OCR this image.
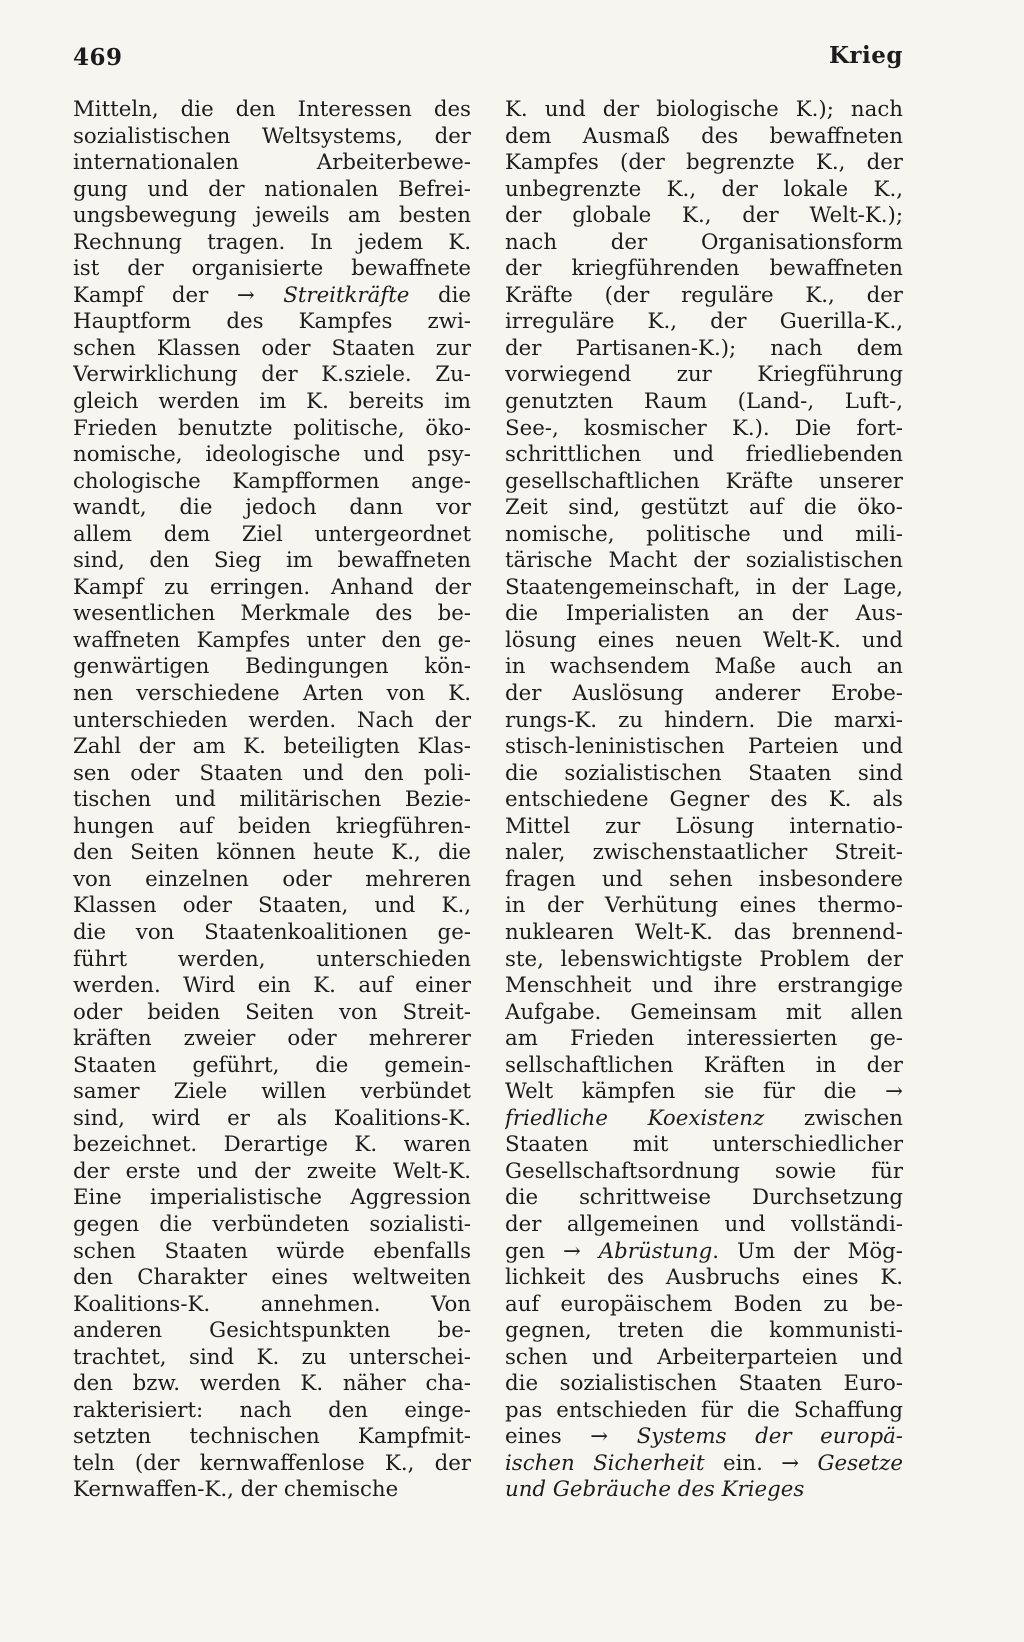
469	Krieg
Mitteln, die den Interessen des
sozialistischen Weltsystems, der
internationalen Arbeiterbewe-
gung und der nationalen Befrei-
ungsbewegung jeweils am besten
Rechnung tragen. In jedem K.
ist der organisierte bewaffnete
Kampf der → Streitkräfte die
Hauptform des Kampfes zwi-
schen Klassen oder Staaten zur
Verwirklichung der K.sziele. Zu-
gleich werden im K. bereits im
Frieden benutzte politische, öko-
nomische, ideologische und psy-
chologische Kampfformen ange-
wandt, die jedoch dann vor
allem dem Ziel untergeordnet
sind, den Sieg im bewaffneten
Kampf zu erringen. Anhand der
wesentlichen Merkmale des be-
waffneten Kampfes unter den ge-
genwärtigen Bedingungen kön-
nen verschiedene Arten von K.
unterschieden werden. Nach der
Zahl der am K. beteiligten Klas-
sen oder Staaten und den poli-
tischen und militärischen Bezie-
hungen auf beiden kriegführen-
den Seiten können heute K., die
von einzelnen oder mehreren
Klassen oder Staaten, und K.,
die von Staatenkoalitionen ge-
führt werden, unterschieden
werden. Wird ein K. auf einer
oder beiden Seiten von Streit-
kräften zweier oder mehrerer
Staaten geführt, die gemein-
samer Ziele willen verbündet
sind, wird er als Koalitions-K.
bezeichnet. Derartige K. waren
der erste und der zweite Welt-K.
Eine imperialistische Aggression
gegen die verbündeten sozialisti-
schen Staaten würde ebenfalls
den Charakter eines weltweiten
Koalitions-K. annehmen. Von
anderen Gesichtspunkten be-
trachtet, sind K. zu unterschei-
den bzw. werden K. näher cha-
rakterisiert: nach den einge-
setzten technischen Kampfmit-
teln (der kernwaffenlose K., der
Kernwaffen-K., der chemische
K. und der biologische K.); nach
dem Ausmaß des bewaffneten
Kampfes (der begrenzte K., der
unbegrenzte K., der lokale K.,
der globale K., der Welt-K.);
nach der Organisationsform
der kriegführenden bewaffneten
Kräfte (der reguläre K., der
irreguläre K., der Guerilla-K.,
der Partisanen-K.); nach dem
vorwiegend zur Kriegführung
genutzten Raum (Land-, Luft-,
See-, kosmischer K.). Die fort-
schrittlichen und friedliebenden
gesellschaftlichen Kräfte unserer
Zeit sind, gestützt auf die öko-
nomische, politische und mili-
tärische Macht der sozialistischen
Staatengemeinschaft, in der Lage,
die Imperialisten an der Aus-
lösung eines neuen Welt-K. und
in wachsendem Maße auch an
der Auslösung anderer Erobe-
rungs-K. zu hindern. Die marxi-
stisch-leninistischen Parteien und
die sozialistischen Staaten sind
entschiedene Gegner des K. als
Mittel zur Lösung internatio-
naler, zwischenstaatlicher Streit-
fragen und sehen insbesondere
in der Verhütung eines thermo-
nuklearen Welt-K. das brennend-
ste, lebenswichtigste Problem der
Menschheit und ihre erstrangige
Aufgabe. Gemeinsam mit allen
am Frieden interessierten ge-
sellschaftlichen Kräften in der
Welt kämpfen sie für die →
friedliche Koexistenz zwischen
Staaten mit unterschiedlicher
Gesellschaftsordnung sowie für
die schrittweise Durchsetzung
der allgemeinen und vollständi-
gen → Abrüstung. Um der Mög-
lichkeit des Ausbruchs eines K.
auf europäischem Boden zu be-
gegnen, treten die kommunisti-
schen und Arbeiterparteien und
die sozialistischen Staaten Euro-
pas entschieden für die Schaffung
eines → Systems der europä-
ischen Sicherheit ein. → Gesetze
und Gebräuche des Krieges
